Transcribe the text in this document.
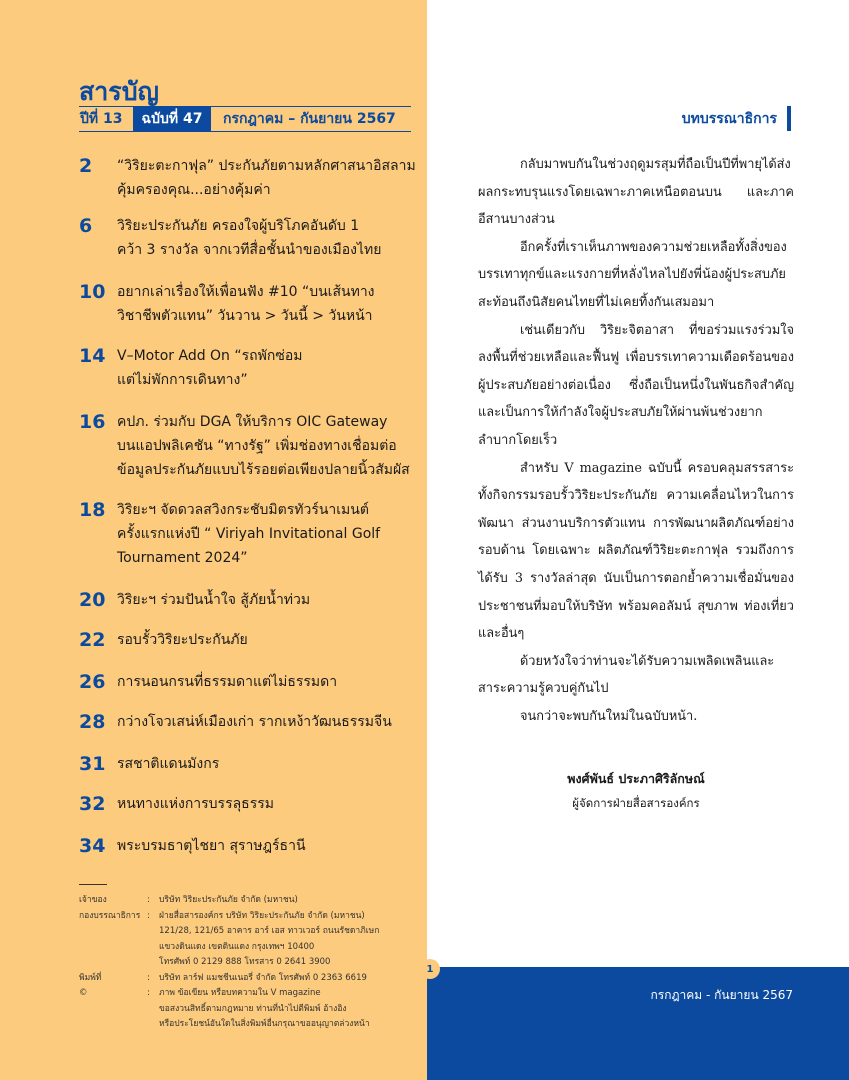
สารบัญ
ปีที่ 13	ฉบับที่ 47	กรกฎาคม – กันยายน 2567
2	“วิริยะตะกาฟุล” ประกันภัยตามหลักศาสนาอิสลาม
คุ้มครองคุณ...อย่างคุ้มค่า
6	วิริยะประกันภัย ครองใจผู้บริโภคอันดับ 1
คว้า 3 รางวัล จากเวทีสื่อชั้นนำของเมืองไทย
10 อยากเล่าเรื่องให้เพื่อนฟัง #10 “บนเส้นทาง
วิชาชีพตัวแทน” วันวาน > วันนี้ > วันหน้า
14 V–Motor Add On “รถพักซ่อม
แต่ไม่พักการเดินทาง”
16 คปภ. ร่วมกับ DGA ให้บริการ OIC Gateway
บนแอปพลิเคชัน “ทางรัฐ” เพิ่มช่องทางเชื่อมต่อ
ข้อมูลประกันภัยแบบไร้รอยต่อเพียงปลายนิ้วสัมผัส
18 วิริยะฯ จัดดวลสวิงกระชับมิตรทัวร์นาเมนต์
ครั้งแรกแห่งปี “ Viriyah Invitational Golf
Tournament 2024”
20 วิริยะฯ ร่วมปันน้ำใจ สู้ภัยน้ำท่วม
22 รอบรั้ววิริยะประกันภัย
26 การนอนกรนที่ธรรมดาแต่ไม่ธรรมดา
28 กว่างโจวเสน่ห์เมืองเก่า รากเหง้าวัฒนธรรมจีน
31 รสชาติแดนมังกร
32 หนทางแห่งการบรรลุธรรม
34 พระบรมธาตุไชยา สุราษฎร์ธานี
เจ้าของ	:	บริษัท วิริยะประกันภัย จำกัด (มหาชน)
กองบรรณาธิการ :	ฝ่ายสื่อสารองค์กร บริษัท วิริยะประกันภัย จำกัด (มหาชน)
121/28, 121/65 อาคาร อาร์ เอส ทาวเวอร์ ถนนรัชดาภิเษก
แขวงดินแดง เขตดินแดง กรุงเทพฯ 10400
โทรศัพท์ 0 2129 888 โทรสาร 0 2641 3900
พิมพ์ที่	:	บริษัท ลาร์ฟ แมชชีนเนอรี่ จำกัด โทรศัพท์ 0 2363 6619
©	:	ภาพ ข้อเขียน หรือบทความใน V magazine
ขอสงวนสิทธิ์ตามกฎหมาย ท่านที่นำไปตีพิมพ์ อ้างอิง
หรือประโยชน์อันใดในสิ่งพิมพ์อื่นกรุณาขออนุญาตล่วงหน้า
1
กรกฎาคม - กันยายน 2567
บทบรรณาธิการ

กลับมาพบกันในช่วงฤดูมรสุมที่ถือเป็นปีที่พายุได้ส่งผลกระทบรุนแรงโดยเฉพาะภาคเหนือตอนบน และภาคอีสานบางส่วน

อีกครั้งที่เราเห็นภาพของความช่วยเหลือทั้งสิ่งของบรรเทาทุกข์และแรงกายที่หลั่งไหลไปยังพี่น้องผู้ประสบภัย สะท้อนถึงนิสัยคนไทยที่ไม่เคยทิ้งกันเสมอมา

เช่นเดียวกับ วิริยะจิตอาสา ที่ขอร่วมแรงร่วมใจลงพื้นที่ช่วยเหลือและฟื้นฟู เพื่อบรรเทาความเดือดร้อนของผู้ประสบภัยอย่างต่อเนื่อง ซึ่งถือเป็นหนึ่งในพันธกิจสำคัญ และเป็นการให้กำลังใจผู้ประสบภัยให้ผ่านพ้นช่วงยากลำบากโดยเร็ว

สำหรับ V magazine ฉบับนี้ ครอบคลุมสรรสาระทั้งกิจกรรมรอบรั้ววิริยะประกันภัย ความเคลื่อนไหวในการพัฒนา ส่วนงานบริการตัวแทน การพัฒนาผลิตภัณฑ์อย่างรอบด้าน โดยเฉพาะ ผลิตภัณฑ์วิริยะตะกาฟุล รวมถึงการได้รับ 3 รางวัลล่าสุด นับเป็นการตอกย้ำความเชื่อมั่นของประชาชนที่มอบให้บริษัท พร้อมคอลัมน์ สุขภาพ ท่องเที่ยว และอื่นๆ

ด้วยหวังใจว่าท่านจะได้รับความเพลิดเพลินและสาระความรู้ควบคู่กันไป

จนกว่าจะพบกันใหม่ในฉบับหน้า.

พงศ์พันธ์ ประภาศิริลักษณ์
ผู้จัดการฝ่ายสื่อสารองค์กร
